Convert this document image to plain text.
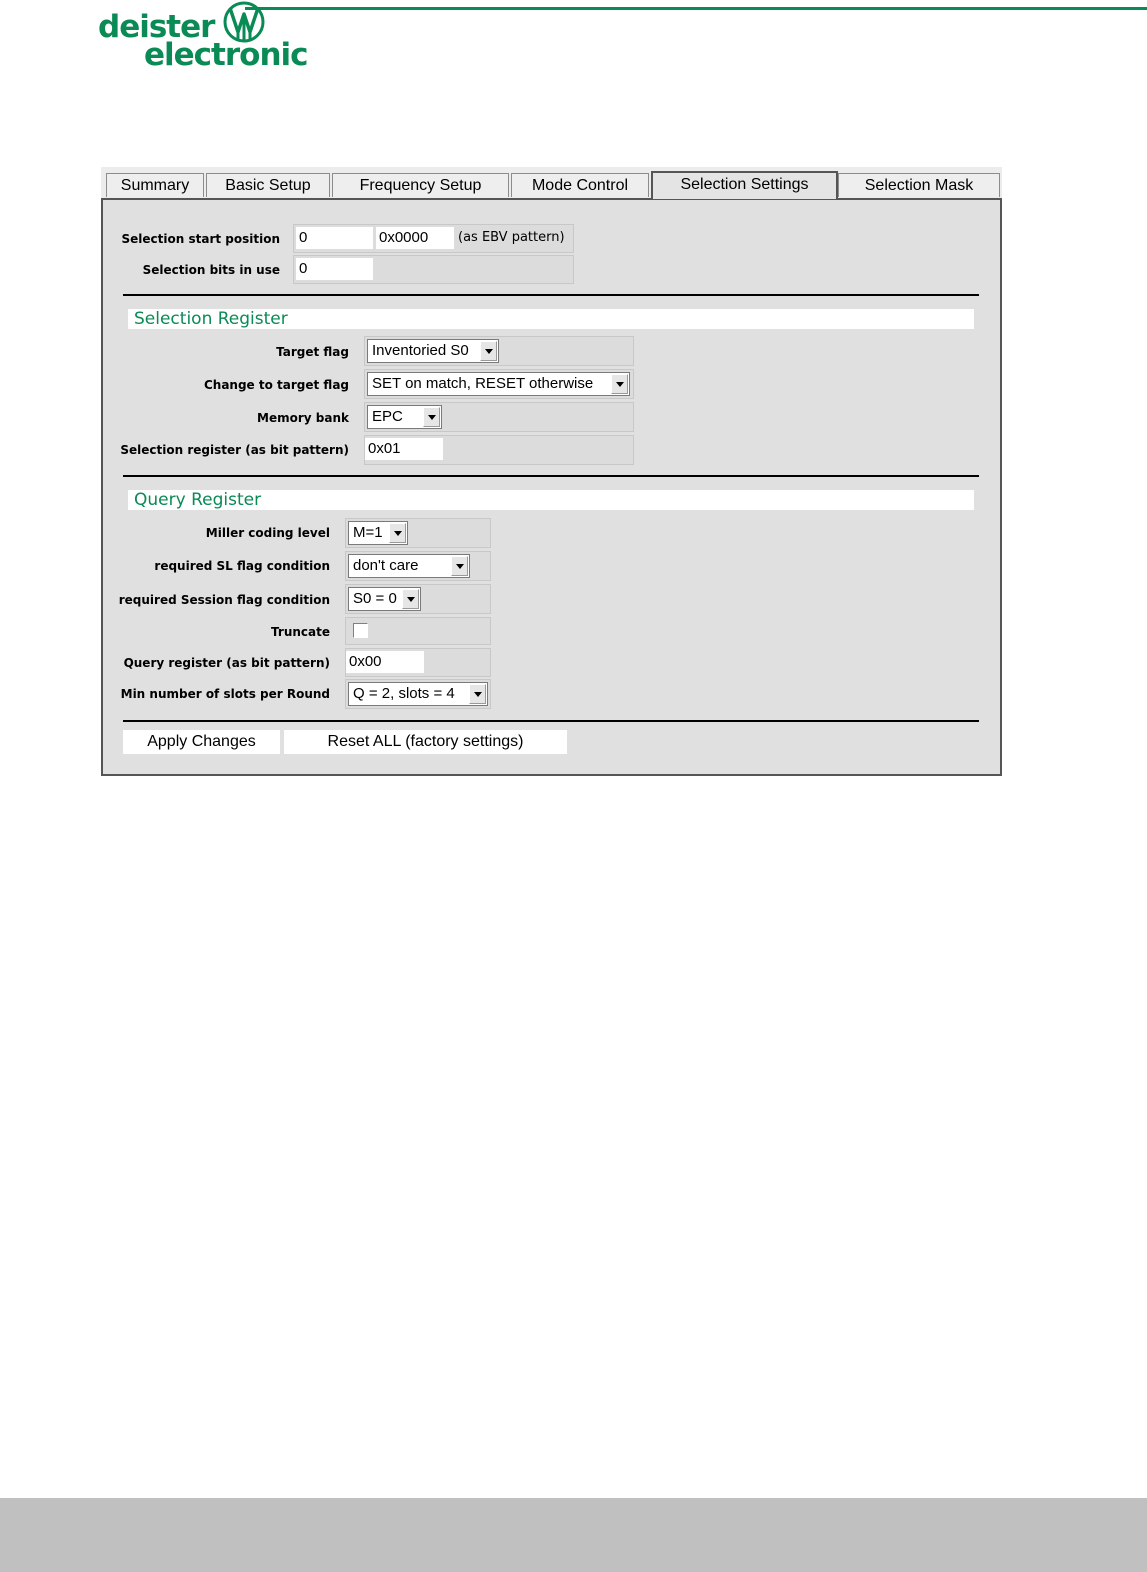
deister
electronic
Summary	Basic Setup	Frequency Setup	Mode Control	Selection Settings	Selection Mask
Selection start position 0	0x0000	(as EBV pattern)
Selection bits in use 0
Selection Register
Target flag	Inventoried S0
Change to target flag	SET on match, RESET otherwise
Memory bank	EPC
Selection register (as bit pattern) 0x01
Query Register
Miller coding level	M=1
required SL flag condition	don't care
required Session flag condition	S0 = 0
Truncate
Query register (as bit pattern) 0x00
Min number of slots per Round	Q = 2, slots = 4
Apply Changes	Reset ALL (factory settings)
